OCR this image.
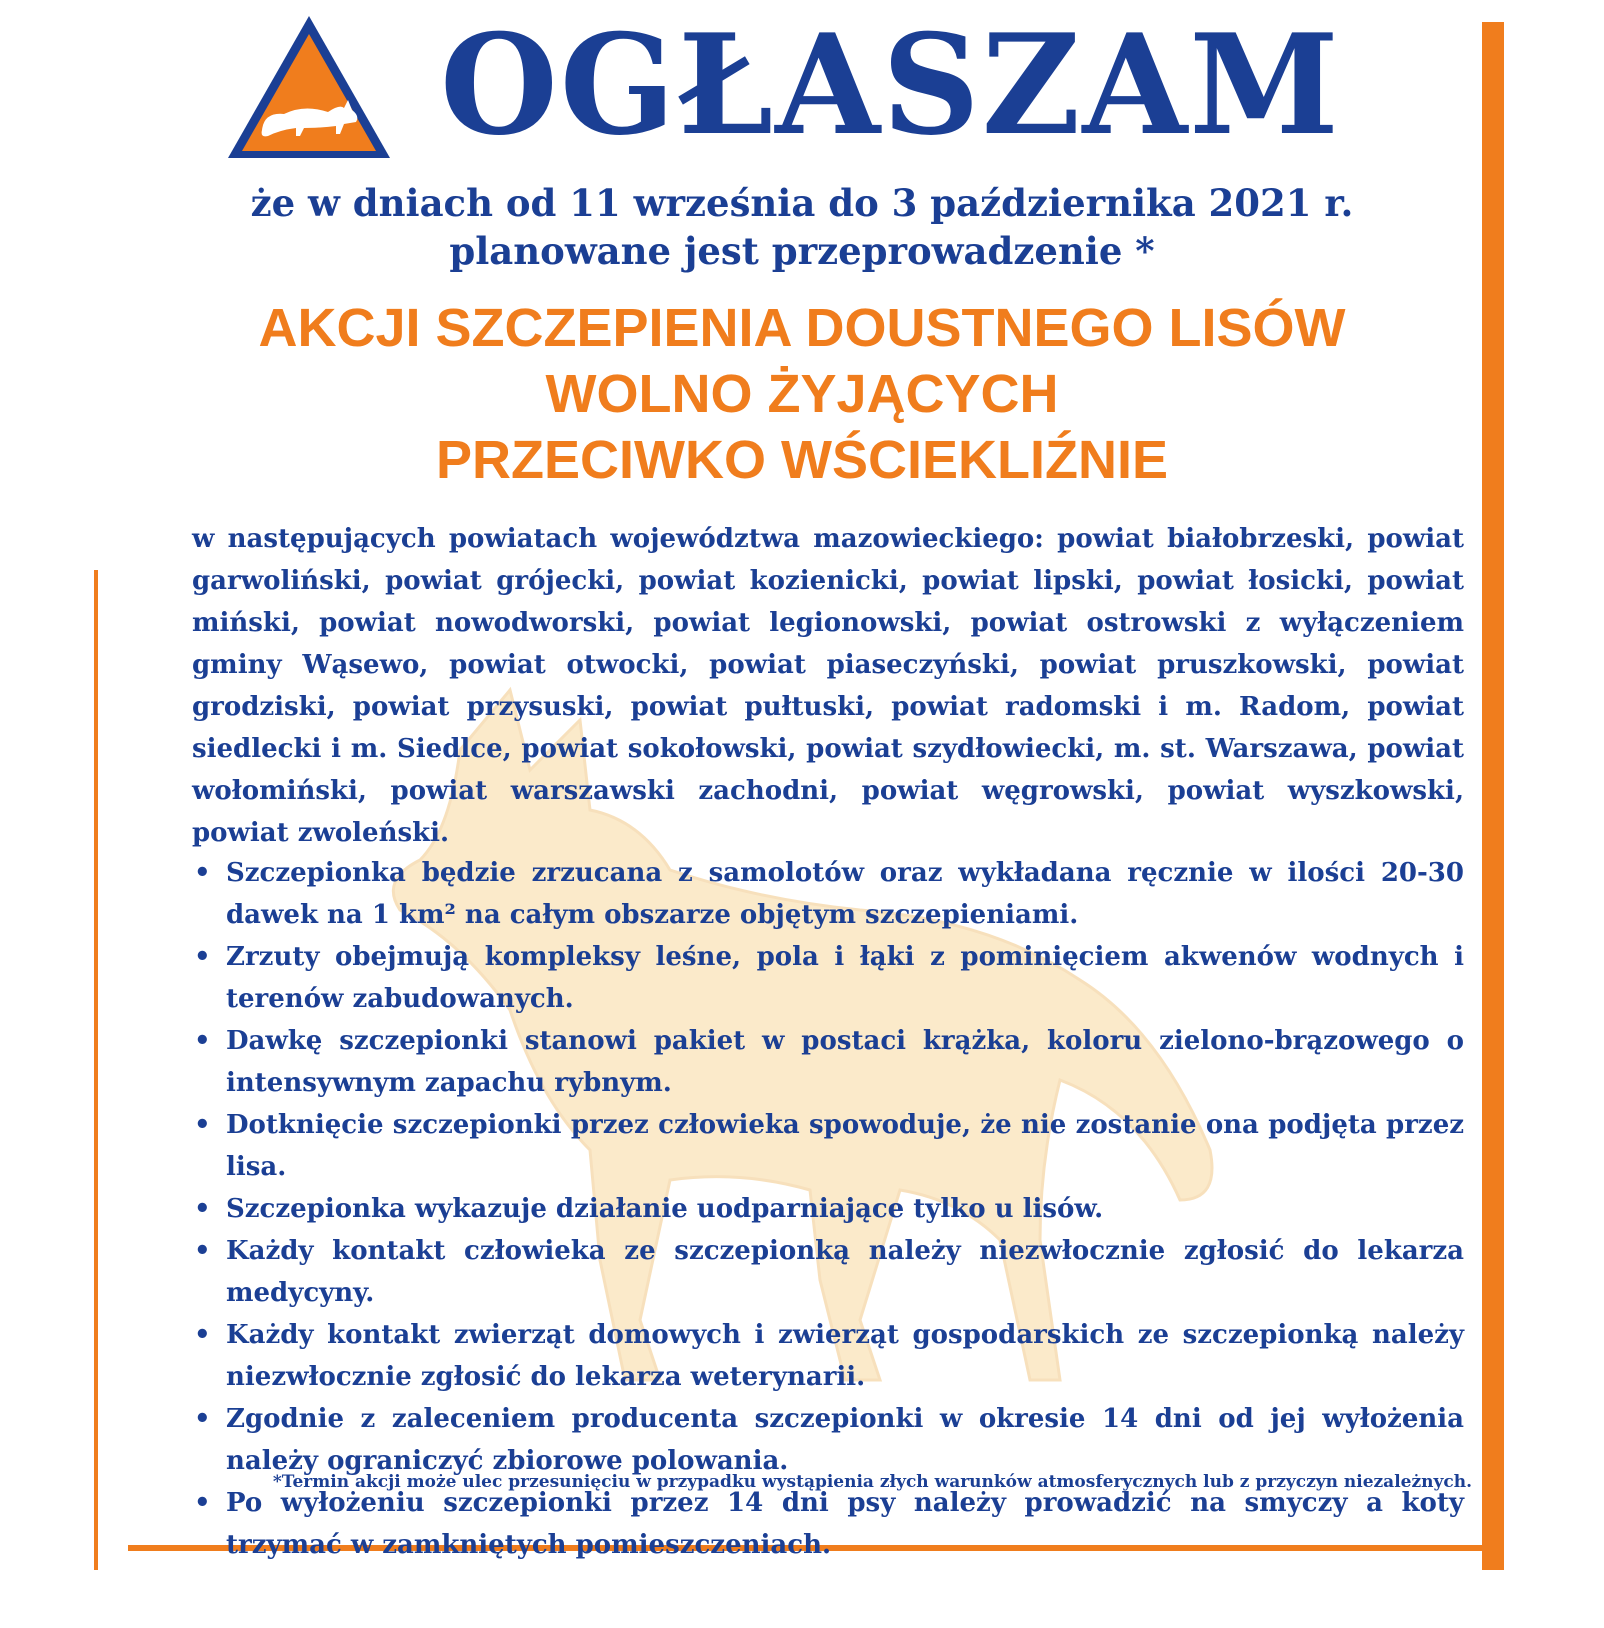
OGŁASZAM
że w dniach od 11 września do 3 października 2021 r.
planowane jest przeprowadzenie *
AKCJI SZCZEPIENIA DOUSTNEGO LISÓW
WOLNO ŻYJĄCYCH
PRZECIWKO WŚCIEKLIŹNIE
w następujących powiatach województwa mazowieckiego: powiat białobrzeski, powiat garwoliński, powiat grójecki, powiat kozienicki, powiat lipski, powiat łosicki, powiat miński, powiat nowodworski, powiat legionowski, powiat ostrowski z wyłączeniem gminy Wąsewo, powiat otwocki, powiat piaseczyński, powiat pruszkowski, powiat grodziski, powiat przysuski, powiat pułtuski, powiat radomski i m. Radom, powiat siedlecki i m. Siedlce, powiat sokołowski, powiat szydłowiecki, m. st. Warszawa, powiat wołomiński, powiat warszawski zachodni, powiat węgrowski, powiat wyszkowski, powiat zwoleński.
• Szczepionka będzie zrzucana z samolotów oraz wykładana ręcznie w ilości 20-30 dawek na 1 km² na całym obszarze objętym szczepieniami.
• Zrzuty obejmują kompleksy leśne, pola i łąki z pominięciem akwenów wodnych i terenów zabudowanych.
• Dawkę szczepionki stanowi pakiet w postaci krążka, koloru zielono-brązowego o intensywnym zapachu rybnym.
• Dotknięcie szczepionki przez człowieka spowoduje, że nie zostanie ona podjęta przez lisa.
• Szczepionka wykazuje działanie uodparniające tylko u lisów.
• Każdy kontakt człowieka ze szczepionką należy niezwłocznie zgłosić do lekarza medycyny.
• Każdy kontakt zwierząt domowych i zwierząt gospodarskich ze szczepionką należy niezwłocznie zgłosić do lekarza weterynarii.
• Zgodnie z zaleceniem producenta szczepionki w okresie 14 dni od jej wyłożenia należy ograniczyć zbiorowe polowania.
• Po wyłożeniu szczepionki przez 14 dni psy należy prowadzić na smyczy a koty trzymać w zamkniętych pomieszczeniach.
*Termin akcji może ulec przesunięciu w przypadku wystąpienia złych warunków atmosferycznych lub z przyczyn niezależnych.
